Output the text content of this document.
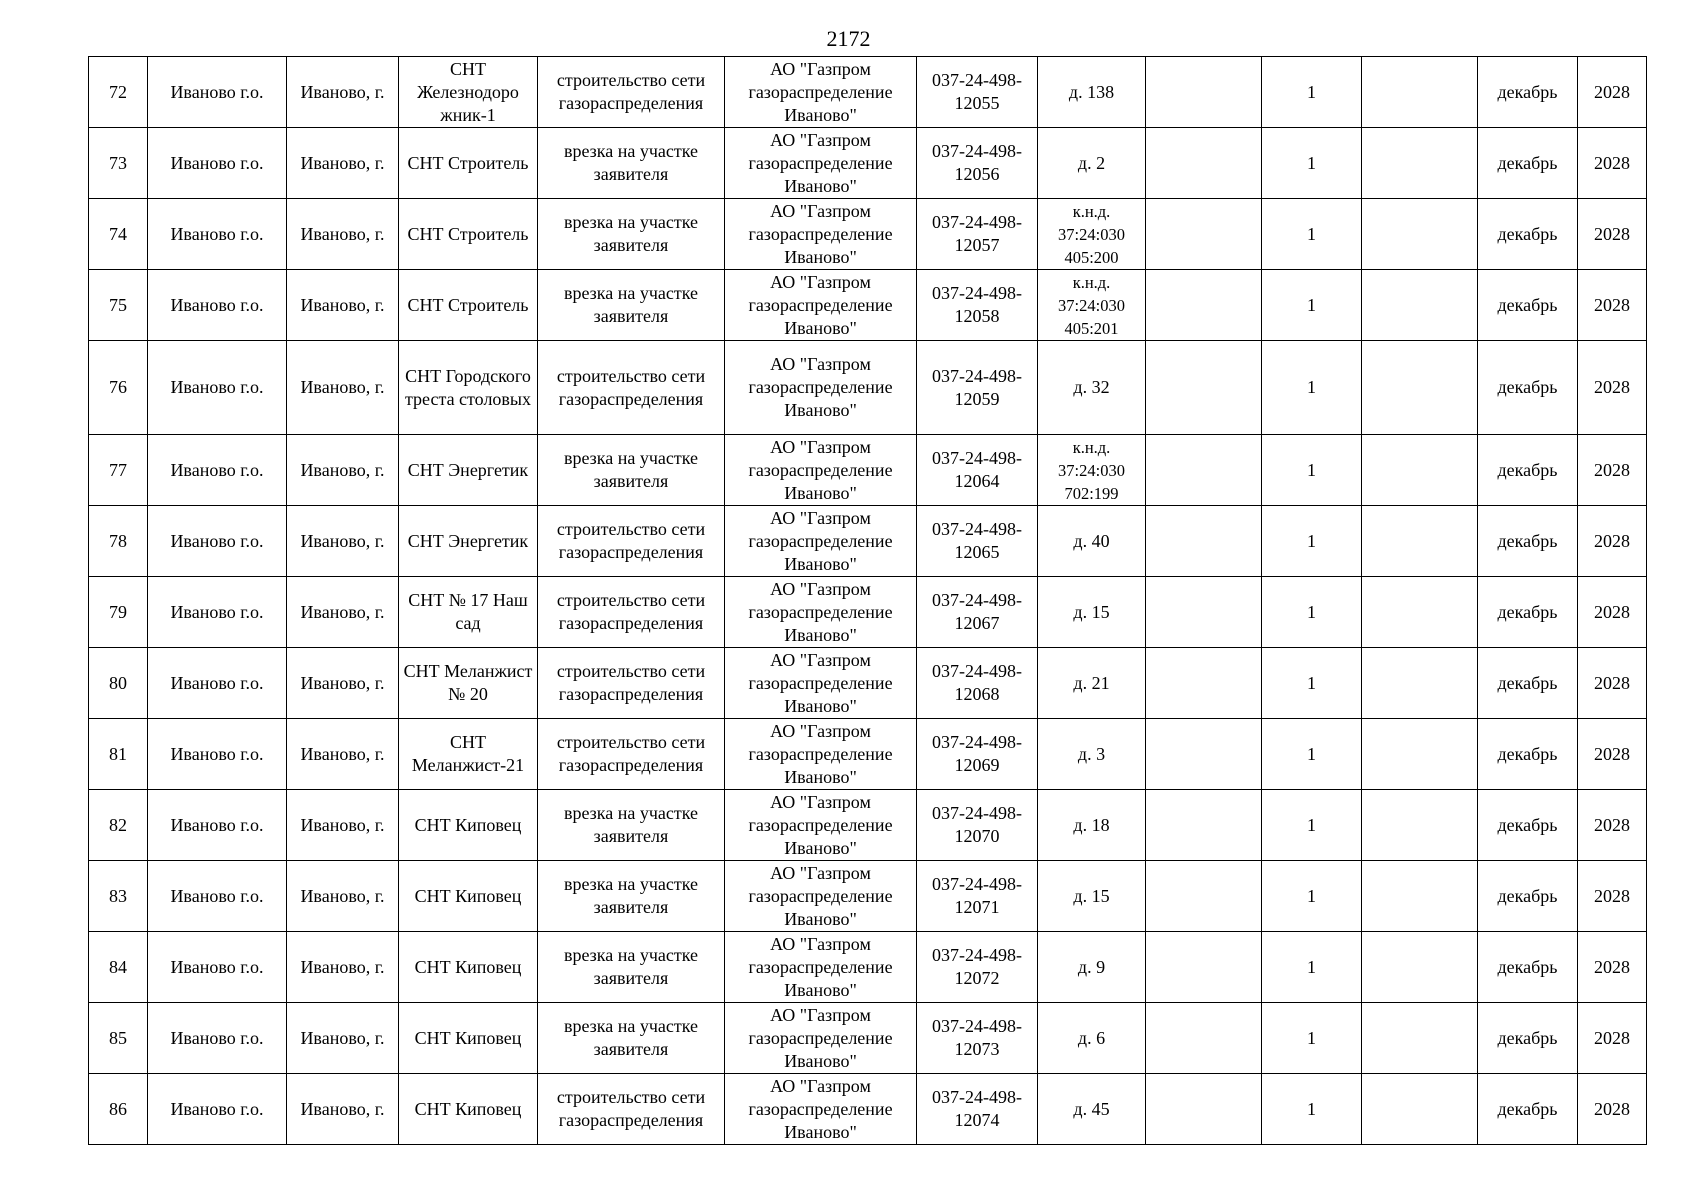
2172
72	Иваново г.о.	Иваново, г.	СНТ Железнодоро жник-1	строительство сети газораспределения	АО "Газпром газораспределение Иваново"	037-24-498-12055	д. 138		1		декабрь	2028
73	Иваново г.о.	Иваново, г.	СНТ Строитель	врезка на участке заявителя	АО "Газпром газораспределение Иваново"	037-24-498-12056	д. 2		1		декабрь	2028
74	Иваново г.о.	Иваново, г.	СНТ Строитель	врезка на участке заявителя	АО "Газпром газораспределение Иваново"	037-24-498-12057	к.н.д. 37:24:030 405:200		1		декабрь	2028
75	Иваново г.о.	Иваново, г.	СНТ Строитель	врезка на участке заявителя	АО "Газпром газораспределение Иваново"	037-24-498-12058	к.н.д. 37:24:030 405:201		1		декабрь	2028
76	Иваново г.о.	Иваново, г.	СНТ Городского треста столовых	строительство сети газораспределения	АО "Газпром газораспределение Иваново"	037-24-498-12059	д. 32		1		декабрь	2028
77	Иваново г.о.	Иваново, г.	СНТ Энергетик	врезка на участке заявителя	АО "Газпром газораспределение Иваново"	037-24-498-12064	к.н.д. 37:24:030 702:199		1		декабрь	2028
78	Иваново г.о.	Иваново, г.	СНТ Энергетик	строительство сети газораспределения	АО "Газпром газораспределение Иваново"	037-24-498-12065	д. 40		1		декабрь	2028
79	Иваново г.о.	Иваново, г.	СНТ № 17 Наш сад	строительство сети газораспределения	АО "Газпром газораспределение Иваново"	037-24-498-12067	д. 15		1		декабрь	2028
80	Иваново г.о.	Иваново, г.	СНТ Меланжист № 20	строительство сети газораспределения	АО "Газпром газораспределение Иваново"	037-24-498-12068	д. 21		1		декабрь	2028
81	Иваново г.о.	Иваново, г.	СНТ Меланжист-21	строительство сети газораспределения	АО "Газпром газораспределение Иваново"	037-24-498-12069	д. 3		1		декабрь	2028
82	Иваново г.о.	Иваново, г.	СНТ Киповец	врезка на участке заявителя	АО "Газпром газораспределение Иваново"	037-24-498-12070	д. 18		1		декабрь	2028
83	Иваново г.о.	Иваново, г.	СНТ Киповец	врезка на участке заявителя	АО "Газпром газораспределение Иваново"	037-24-498-12071	д. 15		1		декабрь	2028
84	Иваново г.о.	Иваново, г.	СНТ Киповец	врезка на участке заявителя	АО "Газпром газораспределение Иваново"	037-24-498-12072	д. 9		1		декабрь	2028
85	Иваново г.о.	Иваново, г.	СНТ Киповец	врезка на участке заявителя	АО "Газпром газораспределение Иваново"	037-24-498-12073	д. 6		1		декабрь	2028
86	Иваново г.о.	Иваново, г.	СНТ Киповец	строительство сети газораспределения	АО "Газпром газораспределение Иваново"	037-24-498-12074	д. 45		1		декабрь	2028
